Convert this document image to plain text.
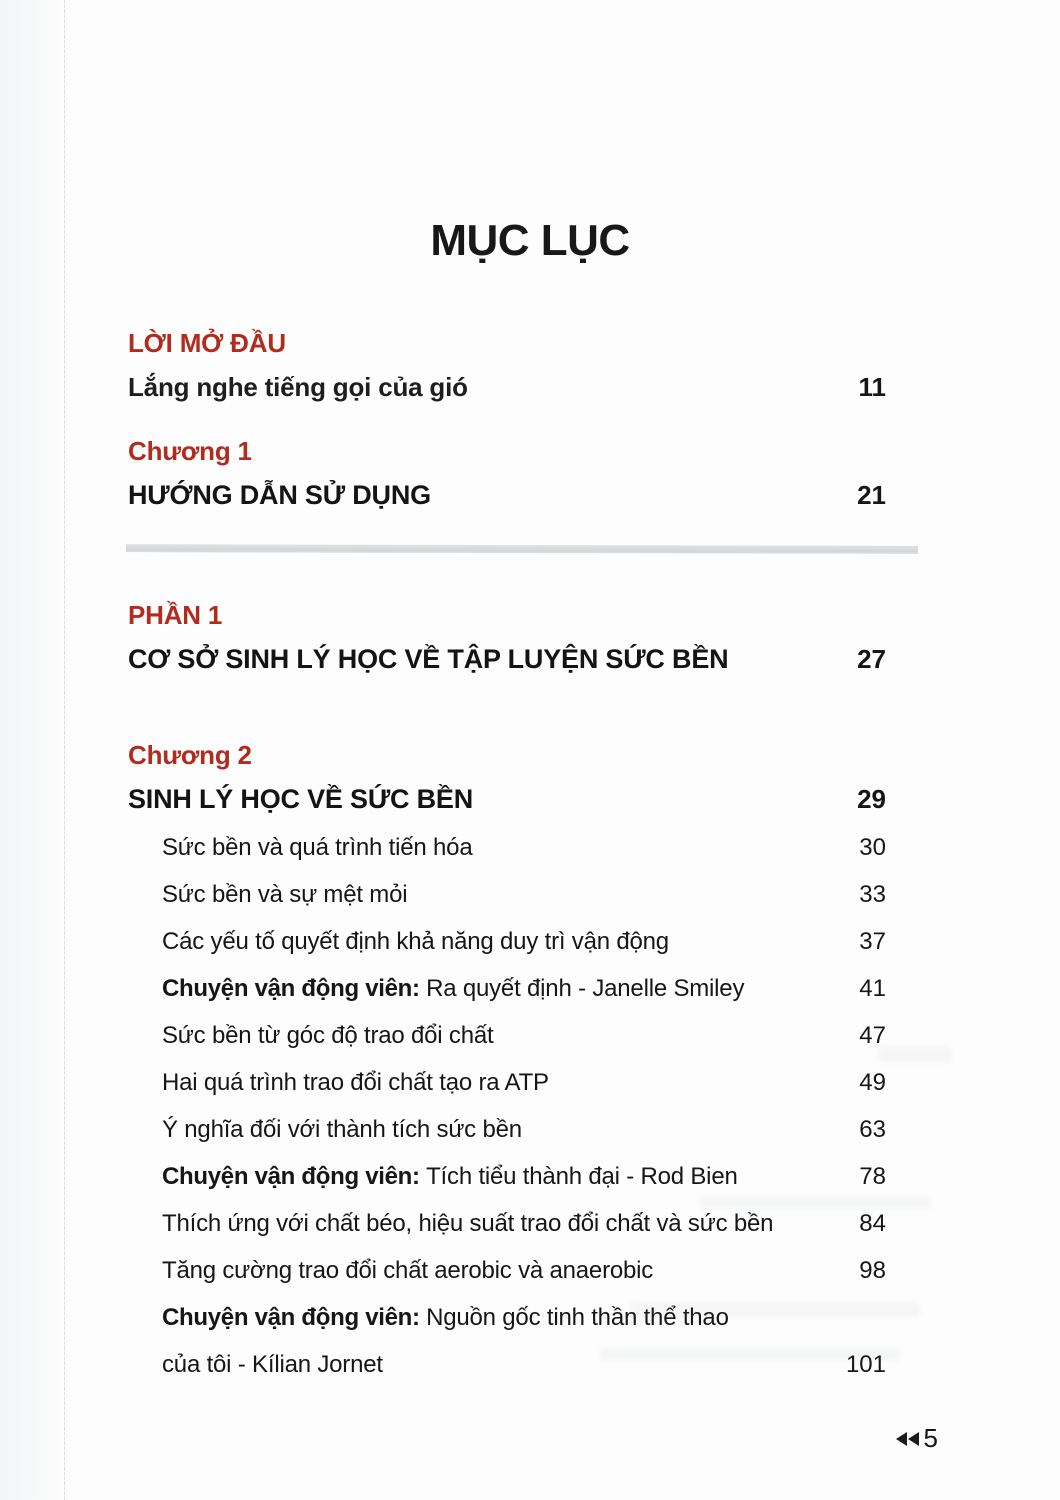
MỤC LỤC
LỜI MỞ ĐẦU
Lắng nghe tiếng gọi của gió	11
Chương 1
HƯỚNG DẪN SỬ DỤNG	21
PHẦN 1
CƠ SỞ SINH LÝ HỌC VỀ TẬP LUYỆN SỨC BỀN	27
Chương 2
SINH LÝ HỌC VỀ SỨC BỀN	29
Sức bền và quá trình tiến hóa	30
Sức bền và sự mệt mỏi	33
Các yếu tố quyết định khả năng duy trì vận động	37
Chuyện vận động viên: Ra quyết định - Janelle Smiley	41
Sức bền từ góc độ trao đổi chất	47
Hai quá trình trao đổi chất tạo ra ATP	49
Ý nghĩa đối với thành tích sức bền	63
Chuyện vận động viên: Tích tiểu thành đại - Rod Bien	78
Thích ứng với chất béo, hiệu suất trao đổi chất và sức bền	84
Tăng cường trao đổi chất aerobic và anaerobic	98
Chuyện vận động viên: Nguồn gốc tinh thần thể thao
của tôi - Kílian Jornet	101
5
